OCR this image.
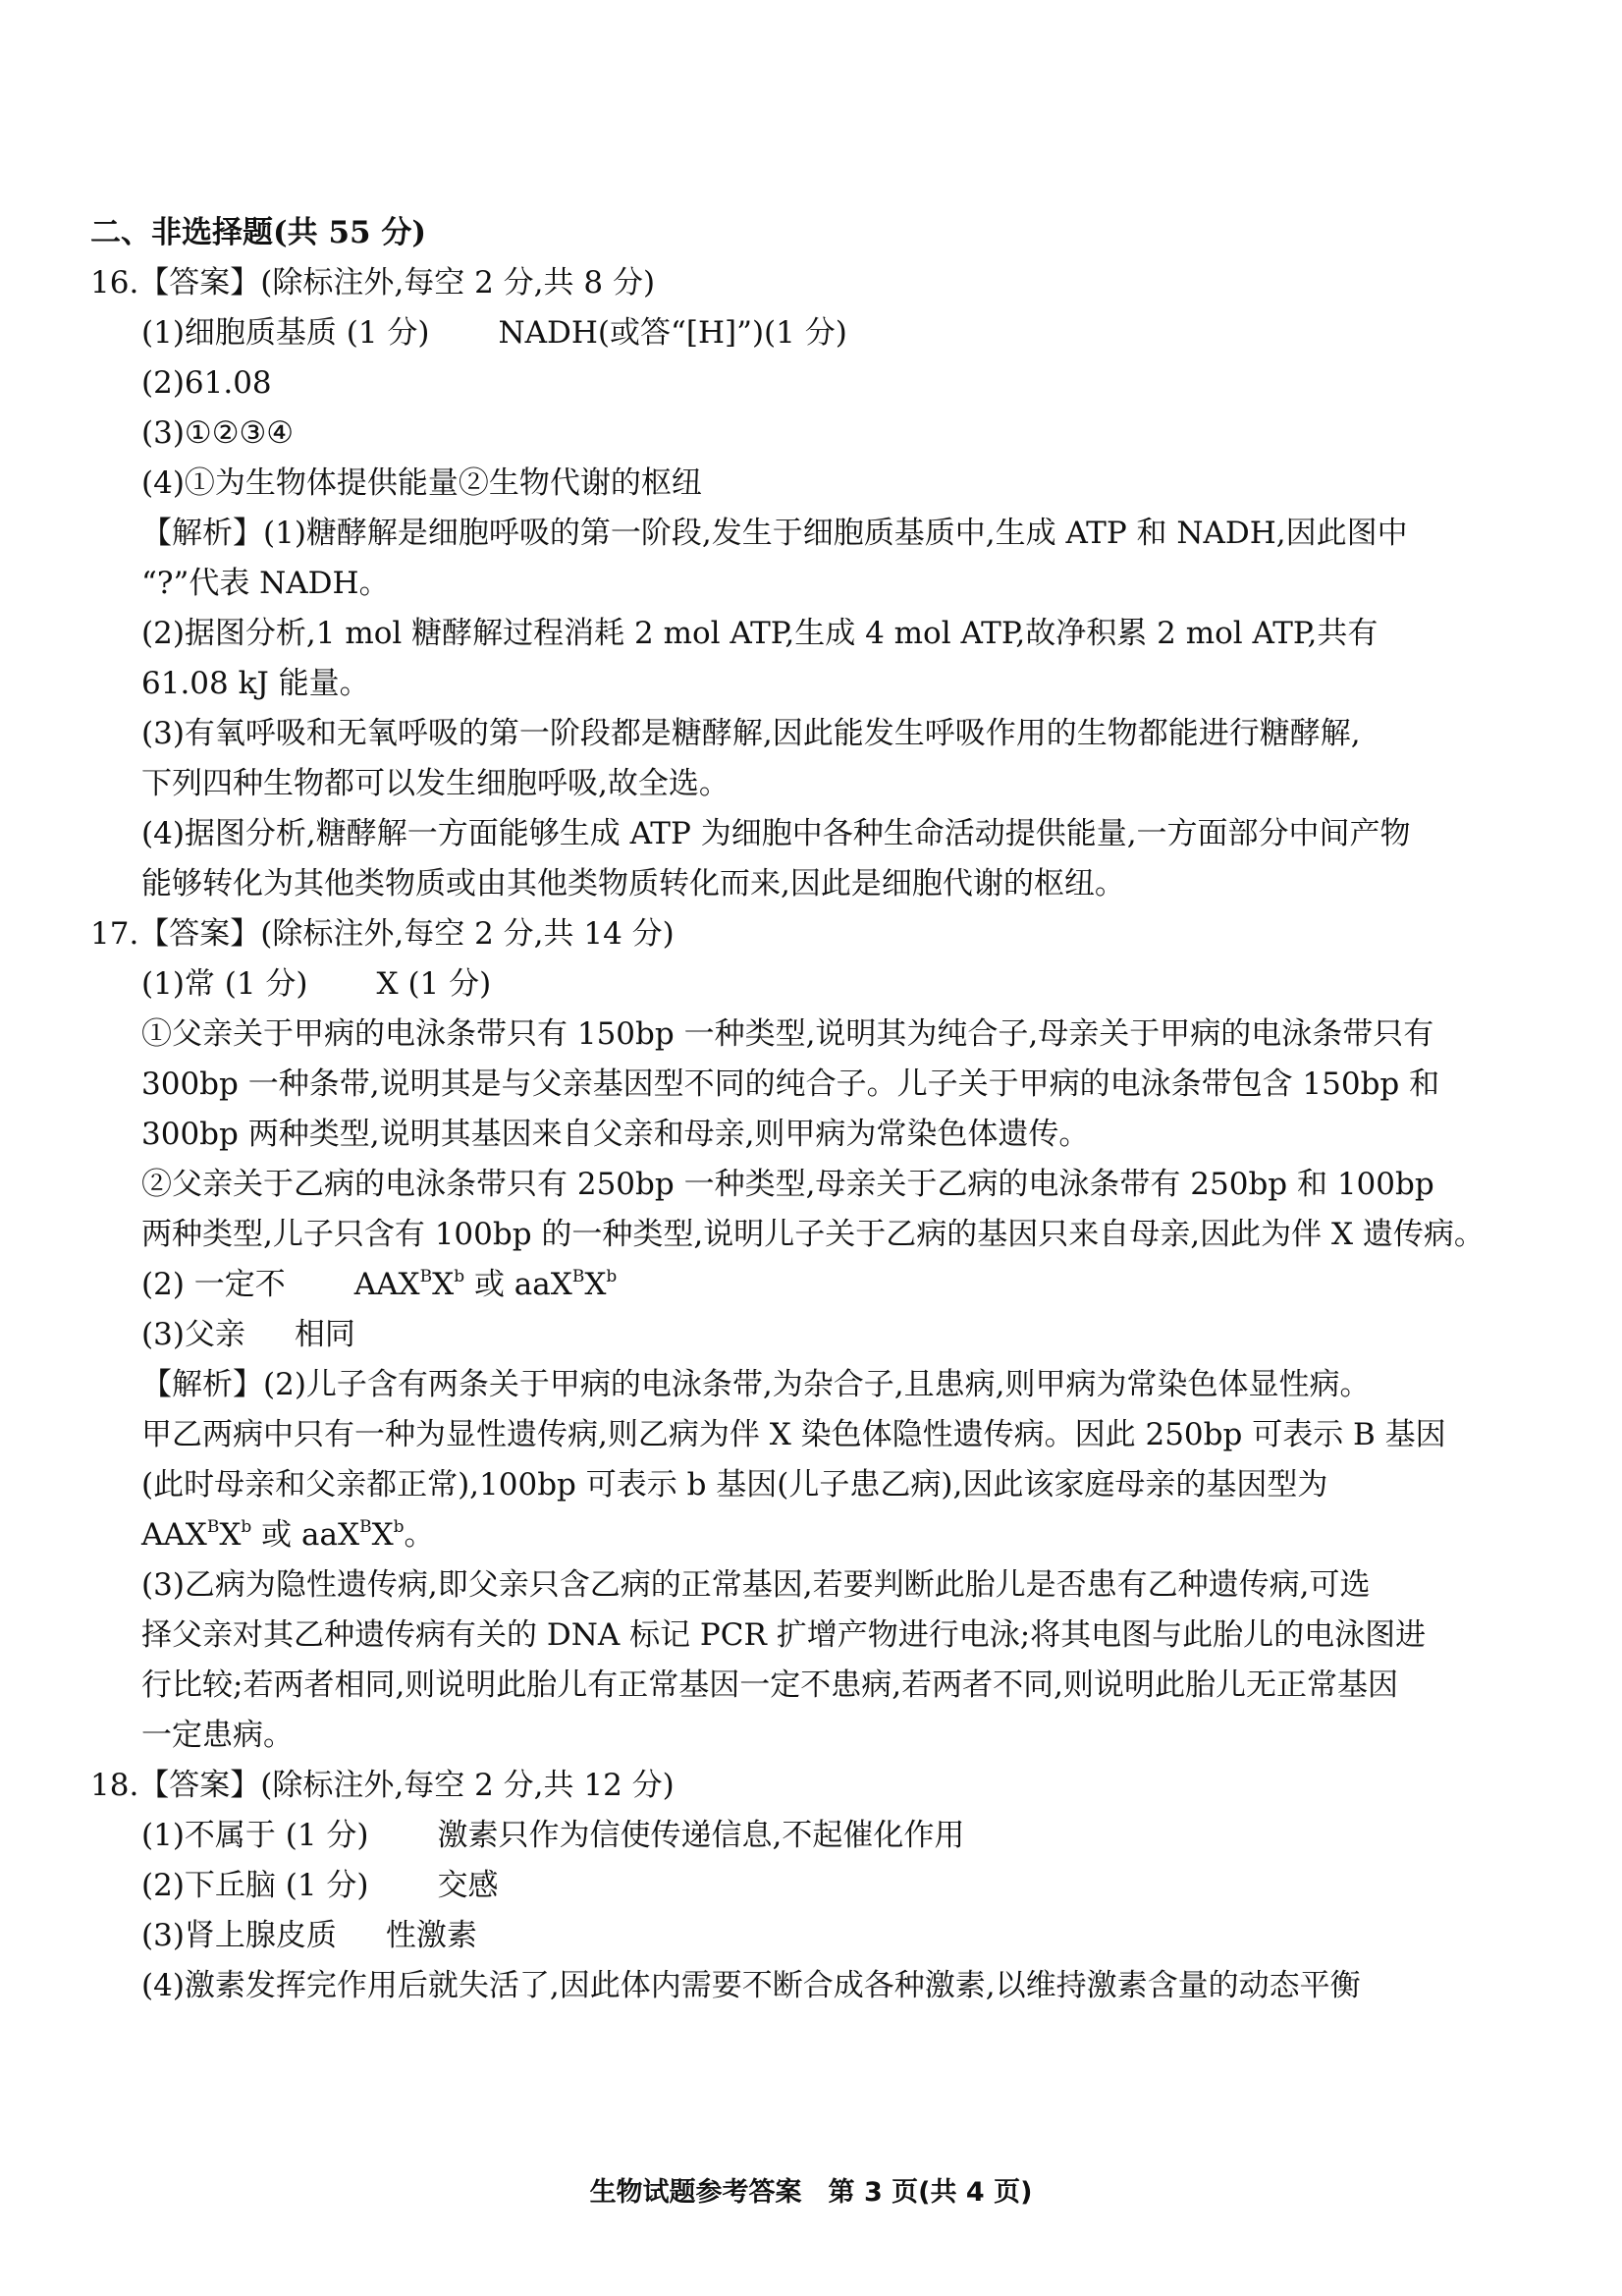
二、非选择题(共 55 分)
16.【答案】(除标注外,每空 2 分,共 8 分)
(1)细胞质基质 (1 分) NADH(或答“[H]”)(1 分)
(2)61.08
(3)①②③④
(4)①为生物体提供能量②生物代谢的枢纽
【解析】(1)糖酵解是细胞呼吸的第一阶段,发生于细胞质基质中,生成 ATP 和 NADH,因此图中
“?”代表 NADH。
(2)据图分析,1 mol 糖酵解过程消耗 2 mol ATP,生成 4 mol ATP,故净积累 2 mol ATP,共有
61.08 kJ 能量。
(3)有氧呼吸和无氧呼吸的第一阶段都是糖酵解,因此能发生呼吸作用的生物都能进行糖酵解,
下列四种生物都可以发生细胞呼吸,故全选。
(4)据图分析,糖酵解一方面能够生成 ATP 为细胞中各种生命活动提供能量,一方面部分中间产物
能够转化为其他类物质或由其他类物质转化而来,因此是细胞代谢的枢纽。
17.【答案】(除标注外,每空 2 分,共 14 分)
(1)常 (1 分) X (1 分)
①父亲关于甲病的电泳条带只有 150bp 一种类型,说明其为纯合子,母亲关于甲病的电泳条带只有
300bp 一种条带,说明其是与父亲基因型不同的纯合子。儿子关于甲病的电泳条带包含 150bp 和
300bp 两种类型,说明其基因来自父亲和母亲,则甲病为常染色体遗传。
②父亲关于乙病的电泳条带只有 250bp 一种类型,母亲关于乙病的电泳条带有 250bp 和 100bp
两种类型,儿子只含有 100bp 的一种类型,说明儿子关于乙病的基因只来自母亲,因此为伴 X 遗传病。
(2) 一定不 $AAX^BX^b$ 或 $aaX^BX^b$
(3)父亲 相同
【解析】(2)儿子含有两条关于甲病的电泳条带,为杂合子,且患病,则甲病为常染色体显性病。
甲乙两病中只有一种为显性遗传病,则乙病为伴 X 染色体隐性遗传病。因此 250bp 可表示 B 基因
(此时母亲和父亲都正常),100bp 可表示 b 基因(儿子患乙病),因此该家庭母亲的基因型为
$AAX^BX^b$ 或 $aaX^BX^b$。
(3)乙病为隐性遗传病,即父亲只含乙病的正常基因,若要判断此胎儿是否患有乙种遗传病,可选
择父亲对其乙种遗传病有关的 DNA 标记 PCR 扩增产物进行电泳;将其电图与此胎儿的电泳图进
行比较;若两者相同,则说明此胎儿有正常基因一定不患病,若两者不同,则说明此胎儿无正常基因
一定患病。
18.【答案】(除标注外,每空 2 分,共 12 分)
(1)不属于 (1 分) 激素只作为信使传递信息,不起催化作用
(2)下丘脑 (1 分) 交感
(3)肾上腺皮质 性激素
(4)激素发挥完作用后就失活了,因此体内需要不断合成各种激素,以维持激素含量的动态平衡
生物试题参考答案　第 3 页(共 4 页)
